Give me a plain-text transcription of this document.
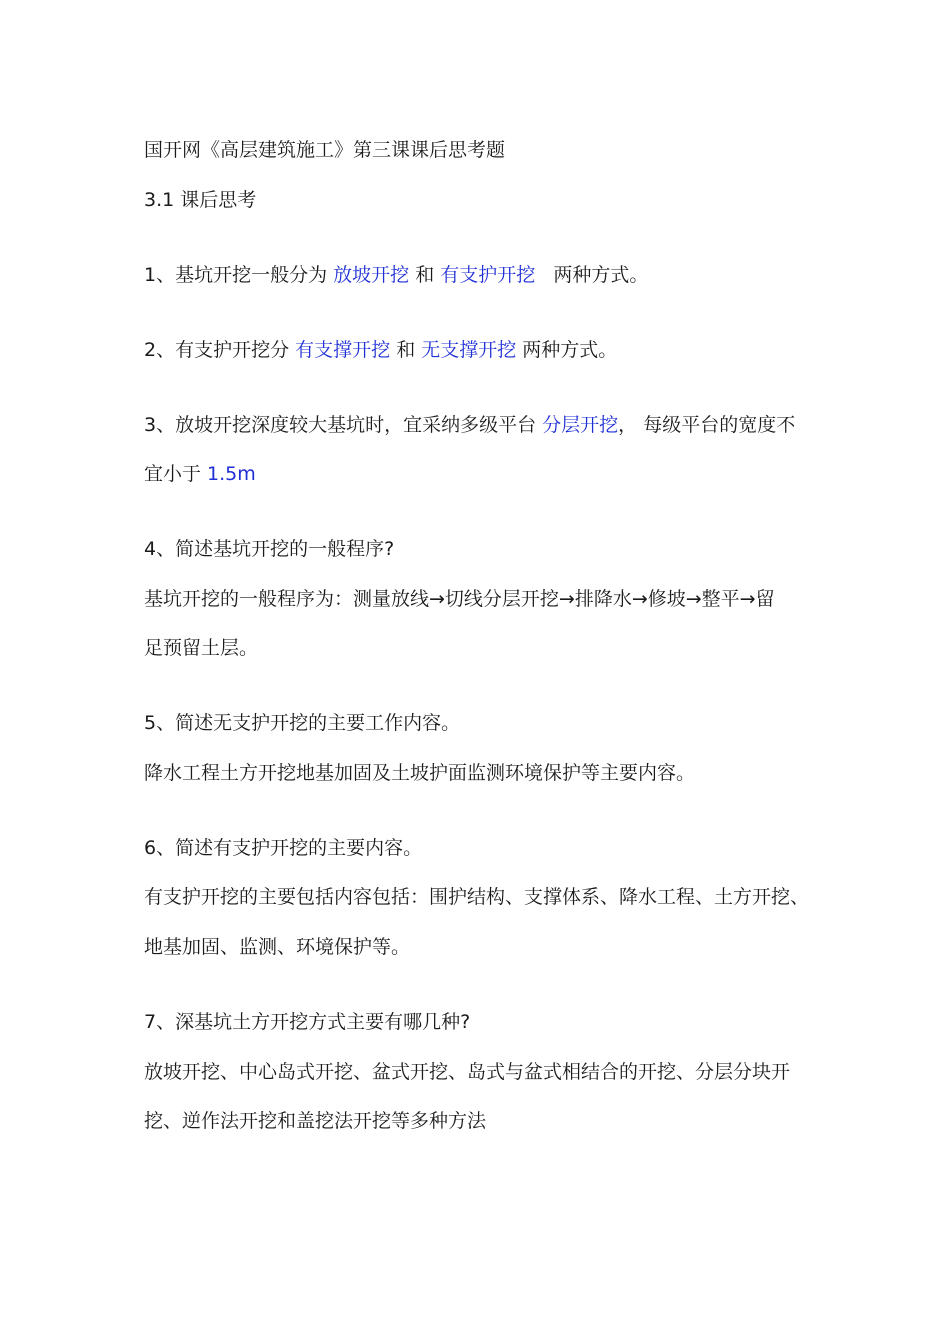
国开网《高层建筑施工》第三课课后思考题
3.1 课后思考
1、基坑开挖一般分为 放坡开挖 和 有支护开挖   两种方式。
2、有支护开挖分 有支撑开挖 和 无支撑开挖 两种方式。
3、放坡开挖深度较大基坑时，宜采纳多级平台 分层开挖， 每级平台的宽度不
宜小于 1.5m
4、简述基坑开挖的一般程序?
基坑开挖的一般程序为：测量放线→切线分层开挖→排降水→修坡→整平→留
足预留土层。
5、简述无支护开挖的主要工作内容。
降水工程土方开挖地基加固及土坡护面监测环境保护等主要内容。
6、简述有支护开挖的主要内容。
有支护开挖的主要包括内容包括：围护结构、支撑体系、降水工程、土方开挖、
地基加固、监测、环境保护等。
7、深基坑土方开挖方式主要有哪几种?
放坡开挖、中心岛式开挖、盆式开挖、岛式与盆式相结合的开挖、分层分块开
挖、逆作法开挖和盖挖法开挖等多种方法
